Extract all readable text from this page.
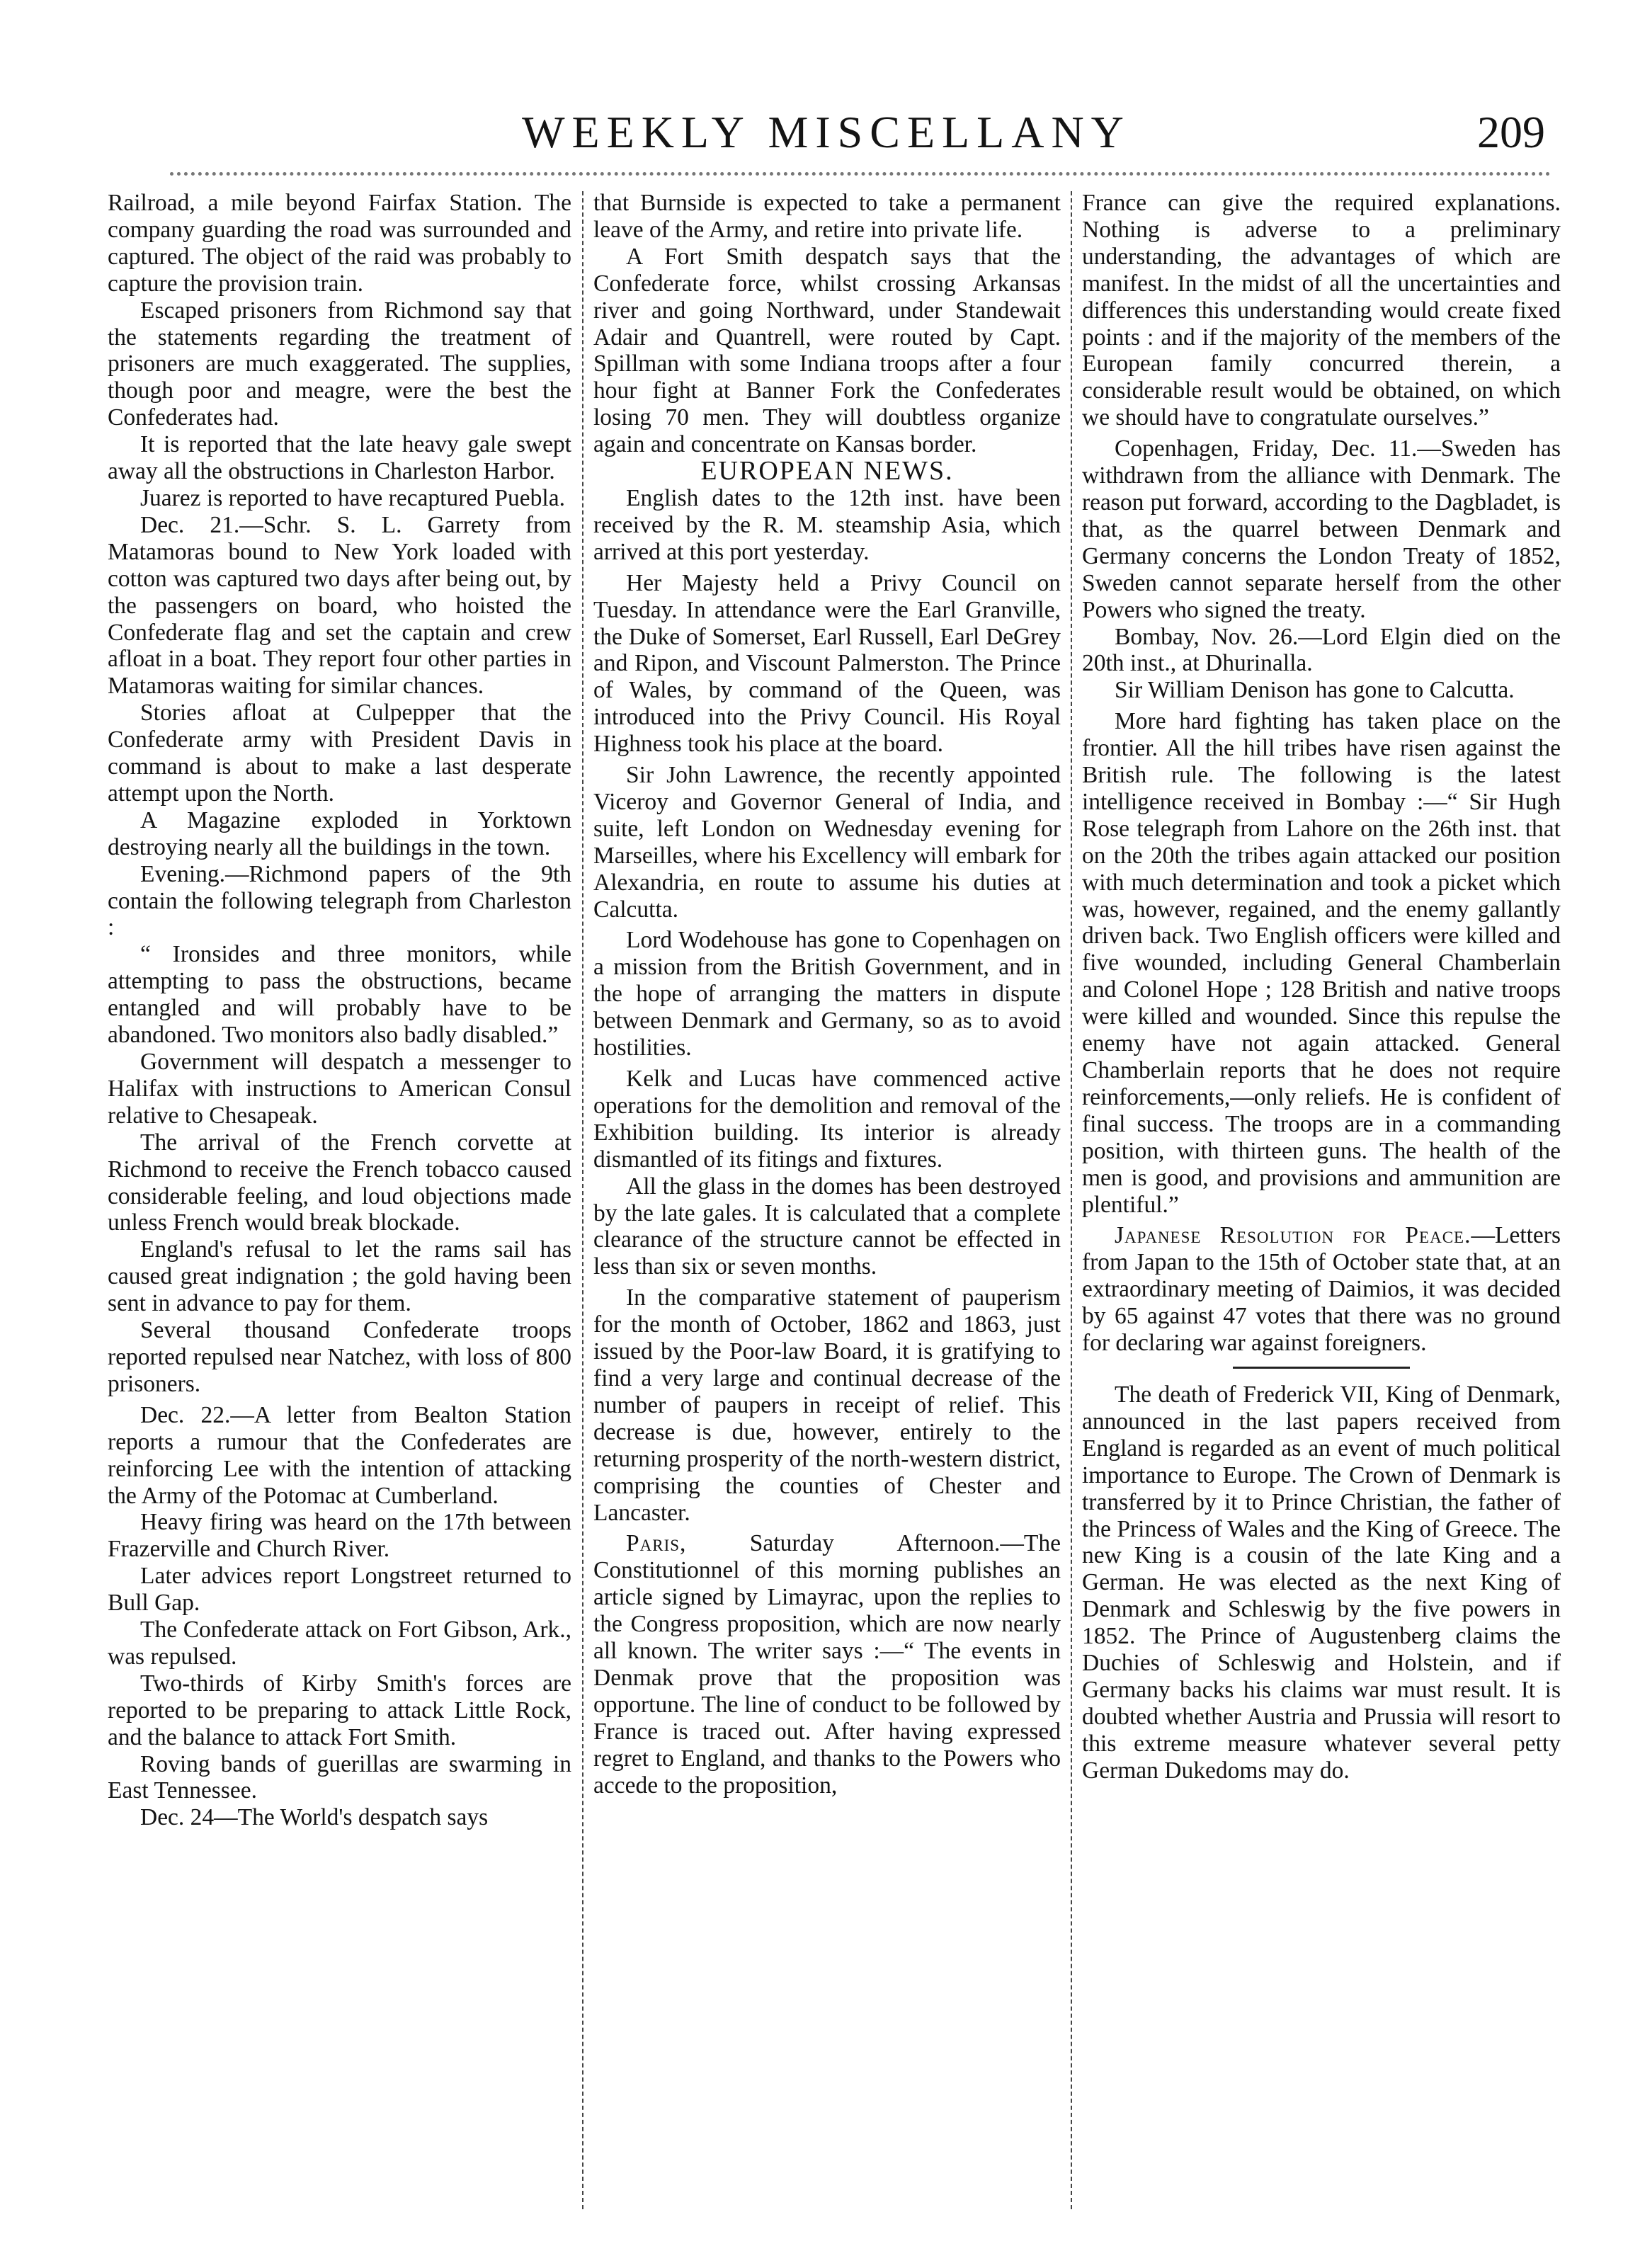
WEEKLY MISCELLANY	209

Railroad, a mile beyond Fairfax Station. The company guarding the road was surrounded and captured. The object of the raid was probably to capture the provision train.

Escaped prisoners from Richmond say that the statements regarding the treatment of prisoners are much exaggerated. The supplies, though poor and meagre, were the best the Confederates had.

It is reported that the late heavy gale swept away all the obstructions in Charleston Harbor.

Juarez is reported to have recaptured Puebla.

Dec. 21.—Schr. S. L. Garrety from Matamoras bound to New York loaded with cotton was captured two days after being out, by the passengers on board, who hoisted the Confederate flag and set the captain and crew afloat in a boat. They report four other parties in Matamoras waiting for similar chances.

Stories afloat at Culpepper that the Confederate army with President Davis in command is about to make a last desperate attempt upon the North.

A Magazine exploded in Yorktown destroying nearly all the buildings in the town.

Evening.—Richmond papers of the 9th contain the following telegraph from Charleston :

“ Ironsides and three monitors, while attempting to pass the obstructions, became entangled and will probably have to be abandoned. Two monitors also badly disabled.”

Government will despatch a messenger to Halifax with instructions to American Consul relative to Chesapeak.

The arrival of the French corvette at Richmond to receive the French tobacco caused considerable feeling, and loud objections made unless French would break blockade.

England's refusal to let the rams sail has caused great indignation ; the gold having been sent in advance to pay for them.

Several thousand Confederate troops reported repulsed near Natchez, with loss of 800 prisoners.

Dec. 22.—A letter from Bealton Station reports a rumour that the Confederates are reinforcing Lee with the intention of attacking the Army of the Potomac at Cumberland.

Heavy firing was heard on the 17th between Frazerville and Church River.

Later advices report Longstreet returned to Bull Gap.

The Confederate attack on Fort Gibson, Ark., was repulsed.

Two-thirds of Kirby Smith's forces are reported to be preparing to attack Little Rock, and the balance to attack Fort Smith.

Roving bands of guerillas are swarming in East Tennessee.

Dec. 24—The World's despatch says

that Burnside is expected to take a permanent leave of the Army, and retire into private life.

A Fort Smith despatch says that the Confederate force, whilst crossing Arkansas river and going Northward, under Standewait Adair and Quantrell, were routed by Capt. Spillman with some Indiana troops after a four hour fight at Banner Fork the Confederates losing 70 men. They will doubtless organize again and concentrate on Kansas border.

EUROPEAN NEWS.

English dates to the 12th inst. have been received by the R. M. steamship Asia, which arrived at this port yesterday.

Her Majesty held a Privy Council on Tuesday. In attendance were the Earl Granville, the Duke of Somerset, Earl Russell, Earl DeGrey and Ripon, and Viscount Palmerston. The Prince of Wales, by command of the Queen, was introduced into the Privy Council. His Royal Highness took his place at the board.

Sir John Lawrence, the recently appointed Viceroy and Governor General of India, and suite, left London on Wednesday evening for Marseilles, where his Excellency will embark for Alexandria, en route to assume his duties at Calcutta.

Lord Wodehouse has gone to Copenhagen on a mission from the British Government, and in the hope of arranging the matters in dispute between Denmark and Germany, so as to avoid hostilities.

Kelk and Lucas have commenced active operations for the demolition and removal of the Exhibition building. Its interior is already dismantled of its fitings and fixtures.

All the glass in the domes has been destroyed by the late gales. It is calculated that a complete clearance of the structure cannot be effected in less than six or seven months.

In the comparative statement of pauperism for the month of October, 1862 and 1863, just issued by the Poor-law Board, it is gratifying to find a very large and continual decrease of the number of paupers in receipt of relief. This decrease is due, however, entirely to the returning prosperity of the north-western district, comprising the counties of Chester and Lancaster.

Paris, Saturday Afternoon.—The Constitutionnel of this morning publishes an article signed by Limayrac, upon the replies to the Congress proposition, which are now nearly all known. The writer says :—“ The events in Denmak prove that the proposition was opportune. The line of conduct to be followed by France is traced out. After having expressed regret to England, and thanks to the Powers who accede to the proposition,

France can give the required explanations. Nothing is adverse to a preliminary understanding, the advantages of which are manifest. In the midst of all the uncertainties and differences this understanding would create fixed points : and if the majority of the members of the European family concurred therein, a considerable result would be obtained, on which we should have to congratulate ourselves.”

Copenhagen, Friday, Dec. 11.—Sweden has withdrawn from the alliance with Denmark. The reason put forward, according to the Dagbladet, is that, as the quarrel between Denmark and Germany concerns the London Treaty of 1852, Sweden cannot separate herself from the other Powers who signed the treaty.

Bombay, Nov. 26.—Lord Elgin died on the 20th inst., at Dhurinalla.

Sir William Denison has gone to Calcutta.

More hard fighting has taken place on the frontier. All the hill tribes have risen against the British rule. The following is the latest intelligence received in Bombay :—“ Sir Hugh Rose telegraph from Lahore on the 26th inst. that on the 20th the tribes again attacked our position with much determination and took a picket which was, however, regained, and the enemy gallantly driven back. Two English officers were killed and five wounded, including General Chamberlain and Colonel Hope ; 128 British and native troops were killed and wounded. Since this repulse the enemy have not again attacked. General Chamberlain reports that he does not require reinforcements,—only reliefs. He is confident of final success. The troops are in a commanding position, with thirteen guns. The health of the men is good, and provisions and ammunition are plentiful.”

Japanese Resolution for Peace.—Letters from Japan to the 15th of October state that, at an extraordinary meeting of Daimios, it was decided by 65 against 47 votes that there was no ground for declaring war against foreigners.

The death of Frederick VII, King of Denmark, announced in the last papers received from England is regarded as an event of much political importance to Europe. The Crown of Denmark is transferred by it to Prince Christian, the father of the Princess of Wales and the King of Greece. The new King is a cousin of the late King and a German. He was elected as the next King of Denmark and Schleswig by the five powers in 1852. The Prince of Augustenberg claims the Duchies of Schleswig and Holstein, and if Germany backs his claims war must result. It is doubted whether Austria and Prussia will resort to this extreme measure whatever several petty German Dukedoms may do.
